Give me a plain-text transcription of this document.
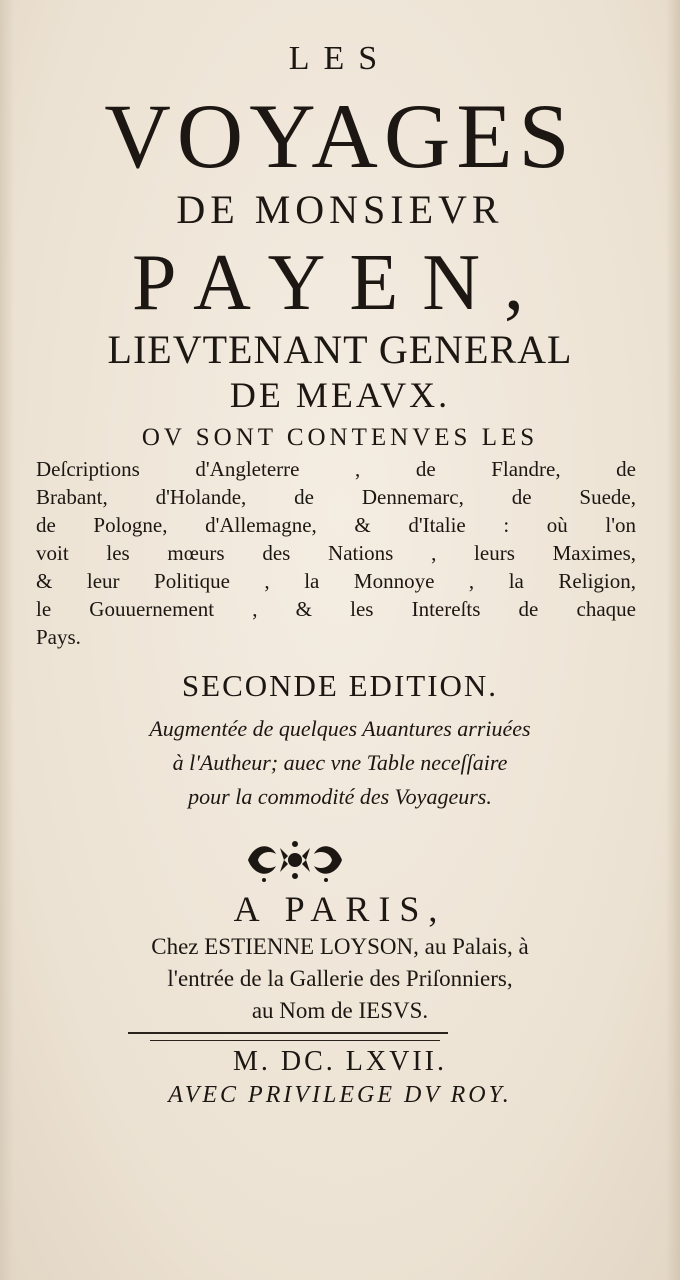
LES
VOYAGES
DE MONSIEVR
PAYEN,
LIEVTENANT GENERAL
DE MEAVX.
OV SONT CONTENVES LES
Deſcriptions d'Angleterre , de Flandre, de
Brabant, d'Holande, de Dennemarc, de Suede,
de Pologne, d'Allemagne, & d'Italie : où l'on
voit les mœurs des Nations , leurs Maximes,
& leur Politique , la Monnoye , la Religion,
le Gouuernement , & les Intereſts de chaque
Pays.
SECONDE EDITION.
Augmentée de quelques Auantures arriuées
à l'Autheur; auec vne Table neceſſaire
pour la commodité des Voyageurs.
A PARIS,
Chez ESTIENNE LOYSON, au Palais, à
l'entrée de la Gallerie des Priſonniers,
au Nom de IESVS.
M. DC. LXVII.
AVEC PRIVILEGE DV ROY.
